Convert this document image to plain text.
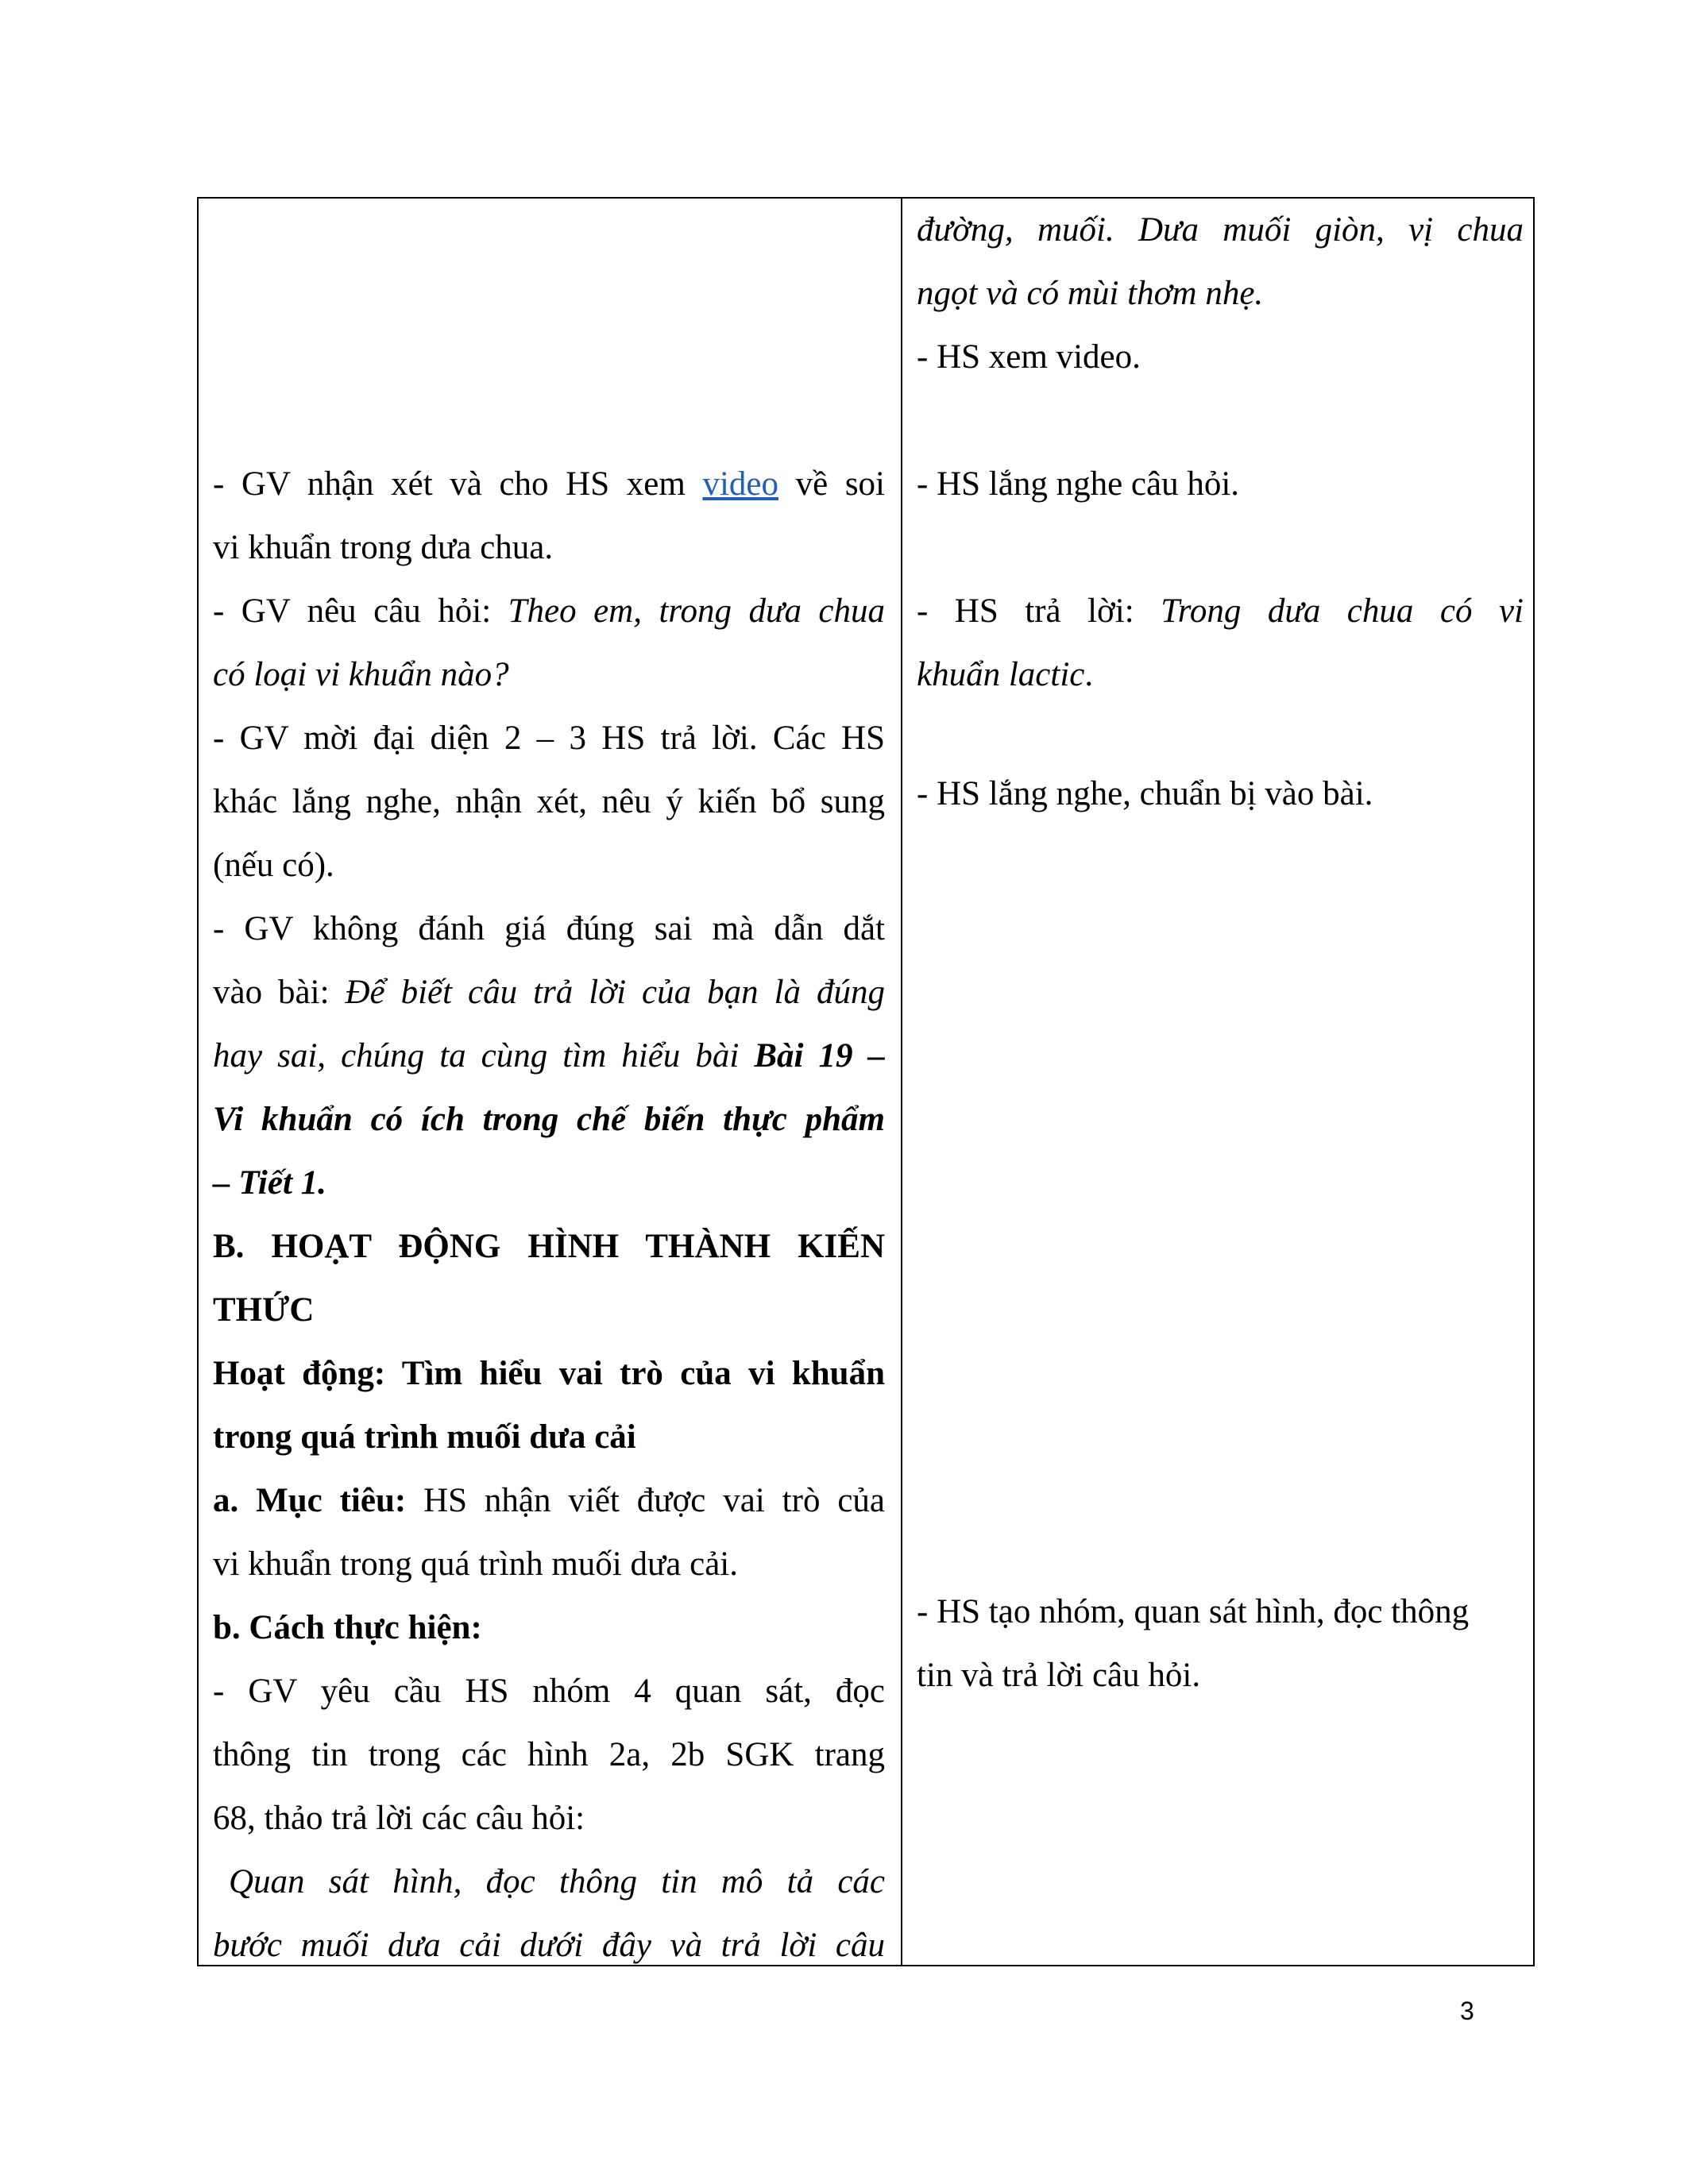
đường, muối. Dưa muối giòn, vị chua
ngọt và có mùi thơm nhẹ.
- HS xem video.
- HS lắng nghe câu hỏi.
- HS trả lời: Trong dưa chua có vi
khuẩn lactic.
- HS lắng nghe, chuẩn bị vào bài.
- HS tạo nhóm, quan sát hình, đọc thông
tin và trả lời câu hỏi.
- GV nhận xét và cho HS xem video về soi
vi khuẩn trong dưa chua.
- GV nêu câu hỏi: Theo em, trong dưa chua
có loại vi khuẩn nào?
- GV mời đại diện 2 – 3 HS trả lời. Các HS
khác lắng nghe, nhận xét, nêu ý kiến bổ sung
(nếu có).
- GV không đánh giá đúng sai mà dẫn dắt
vào bài: Để biết câu trả lời của bạn là đúng
hay sai, chúng ta cùng tìm hiểu bài Bài 19 –
Vi khuẩn có ích trong chế biến thực phẩm
– Tiết 1.
B. HOẠT ĐỘNG HÌNH THÀNH KIẾN
THỨC
Hoạt động: Tìm hiểu vai trò của vi khuẩn
trong quá trình muối dưa cải
a. Mục tiêu: HS nhận viết được vai trò của
vi khuẩn trong quá trình muối dưa cải.
b. Cách thực hiện:
- GV yêu cầu HS nhóm 4 quan sát, đọc
thông tin trong các hình 2a, 2b SGK trang
68, thảo trả lời các câu hỏi:
Quan sát hình, đọc thông tin mô tả các
bước muối dưa cải dưới đây và trả lời câu
3
